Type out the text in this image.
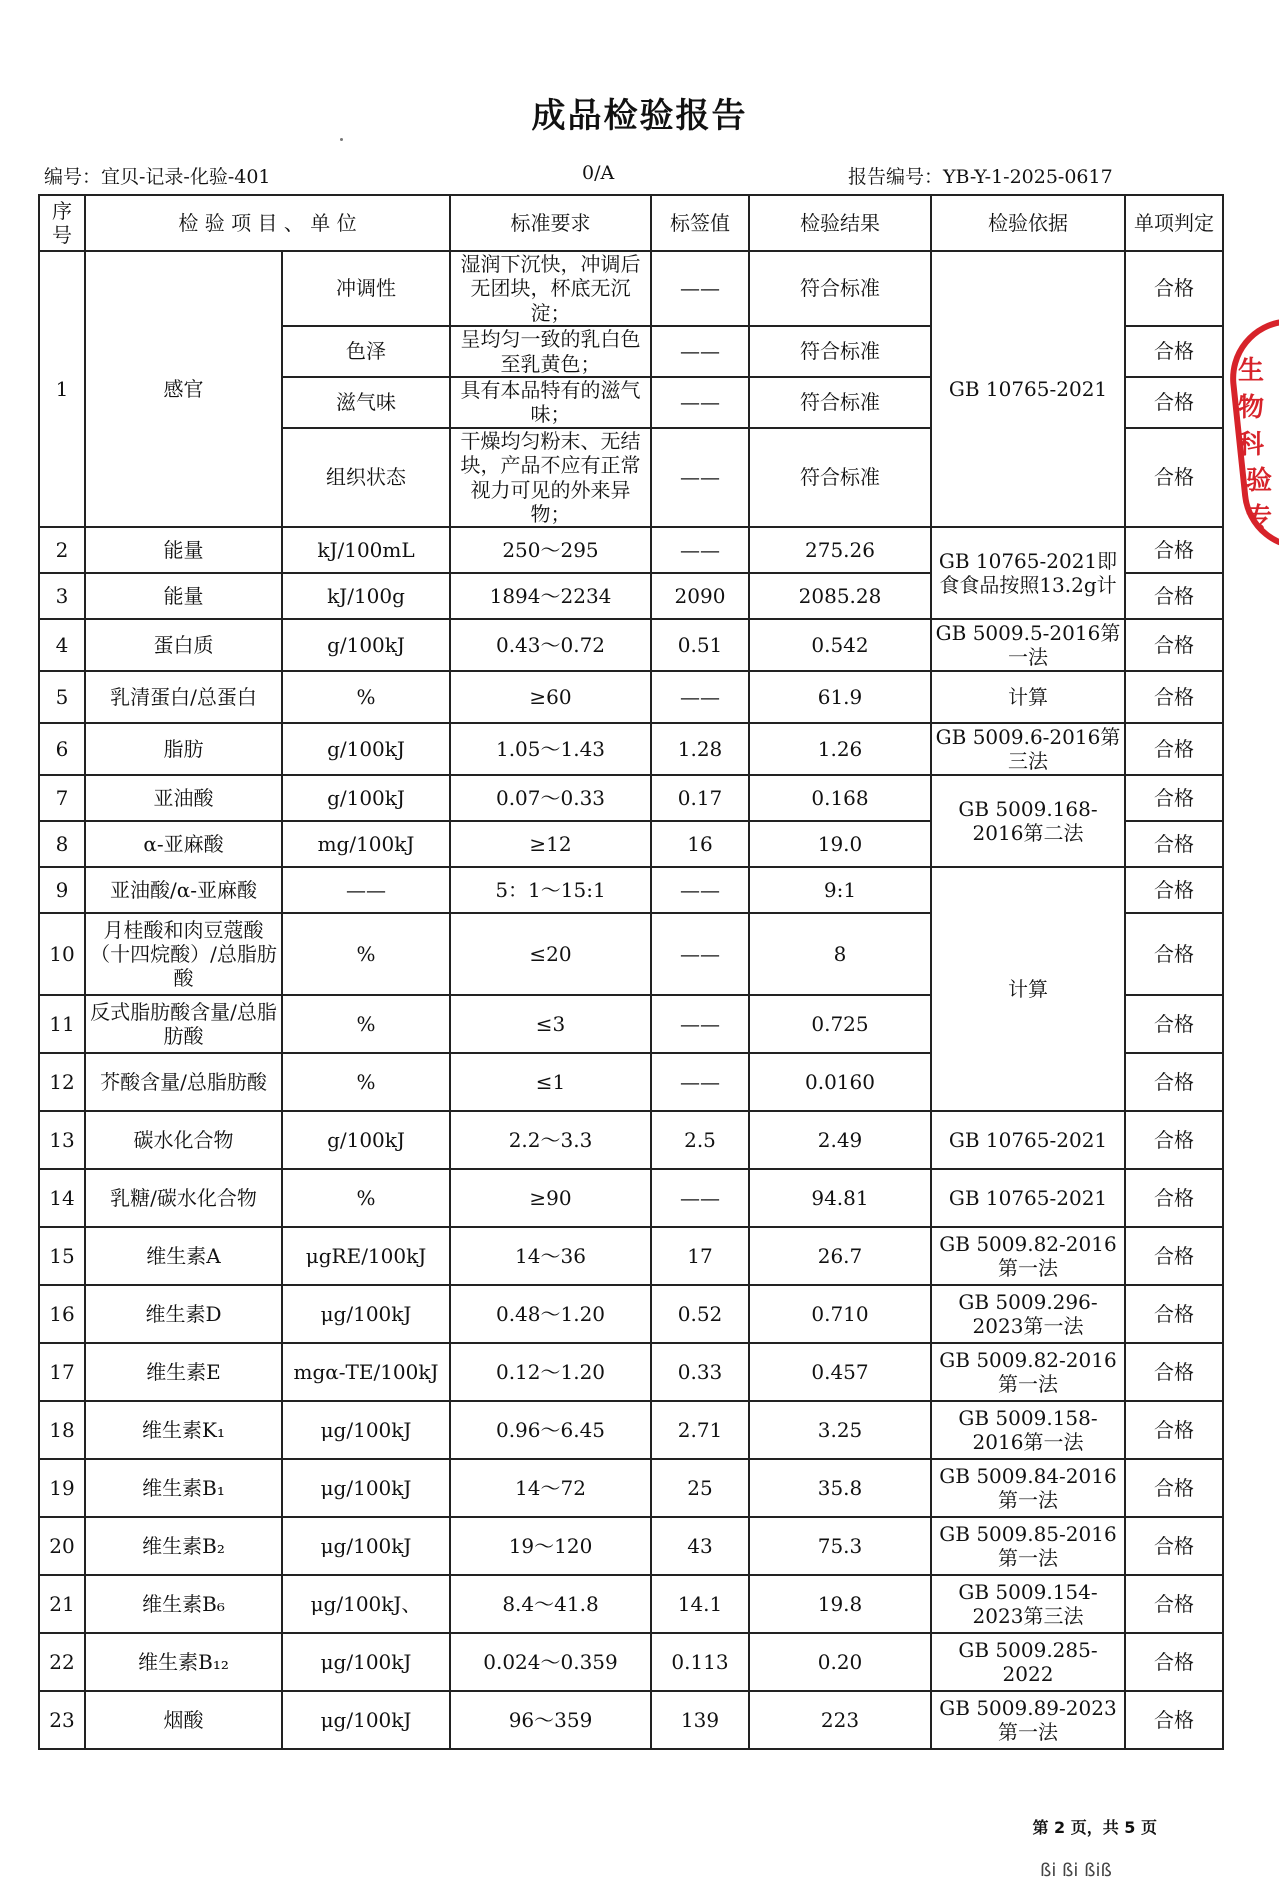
成品检验报告
编号：宜贝-记录-化验-401	0/A	报告编号：YB-Y-1-2025-0617
序号	检 验 项 目 、 单 位		标准要求	标签值	检验结果	检验依据	单项判定
1	感官	冲调性	湿润下沉快，冲调后无团块，杯底无沉淀；	——	符合标准	GB 10765-2021	合格
		色泽	呈均匀一致的乳白色至乳黄色；	——	符合标准		合格
		滋气味	具有本品特有的滋气味；	——	符合标准		合格
		组织状态	干燥均匀粉末、无结块，产品不应有正常视力可见的外来异物；	——	符合标准		合格
2	能量	kJ/100mL	250～295	——	275.26	GB 10765-2021即食食品按照13.2g计	合格
3	能量	kJ/100g	1894～2234	2090	2085.28		合格
4	蛋白质	g/100kJ	0.43～0.72	0.51	0.542	GB 5009.5-2016第一法	合格
5	乳清蛋白/总蛋白	%	≥60	——	61.9	计算	合格
6	脂肪	g/100kJ	1.05～1.43	1.28	1.26	GB 5009.6-2016第三法	合格
7	亚油酸	g/100kJ	0.07～0.33	0.17	0.168	GB 5009.168-2016第二法	合格
8	α-亚麻酸	mg/100kJ	≥12	16	19.0		合格
9	亚油酸/α-亚麻酸	——	5：1～15:1	——	9:1	计算	合格
10	月桂酸和肉豆蔻酸（十四烷酸）/总脂肪酸	%	≤20	——	8		合格
11	反式脂肪酸含量/总脂肪酸	%	≤3	——	0.725		合格
12	芥酸含量/总脂肪酸	%	≤1	——	0.0160		合格
13	碳水化合物	g/100kJ	2.2～3.3	2.5	2.49	GB 10765-2021	合格
14	乳糖/碳水化合物	%	≥90	——	94.81	GB 10765-2021	合格
15	维生素A	μgRE/100kJ	14～36	17	26.7	GB 5009.82-2016第一法	合格
16	维生素D	μg/100kJ	0.48～1.20	0.52	0.710	GB 5009.296-2023第一法	合格
17	维生素E	mgα-TE/100kJ	0.12～1.20	0.33	0.457	GB 5009.82-2016第一法	合格
18	维生素K₁	μg/100kJ	0.96～6.45	2.71	3.25	GB 5009.158-2016第一法	合格
19	维生素B₁	μg/100kJ	14～72	25	35.8	GB 5009.84-2016第一法	合格
20	维生素B₂	μg/100kJ	19～120	43	75.3	GB 5009.85-2016第一法	合格
21	维生素B₆	μg/100kJ、	8.4～41.8	14.1	19.8	GB 5009.154-2023第三法	合格
22	维生素B₁₂	μg/100kJ	0.024～0.359	0.113	0.20	GB 5009.285-2022	合格
23	烟酸	μg/100kJ	96～359	139	223	GB 5009.89-2023第一法	合格
生物科
验专
第 2 页，共 5 页
ßi ßi ßiß
